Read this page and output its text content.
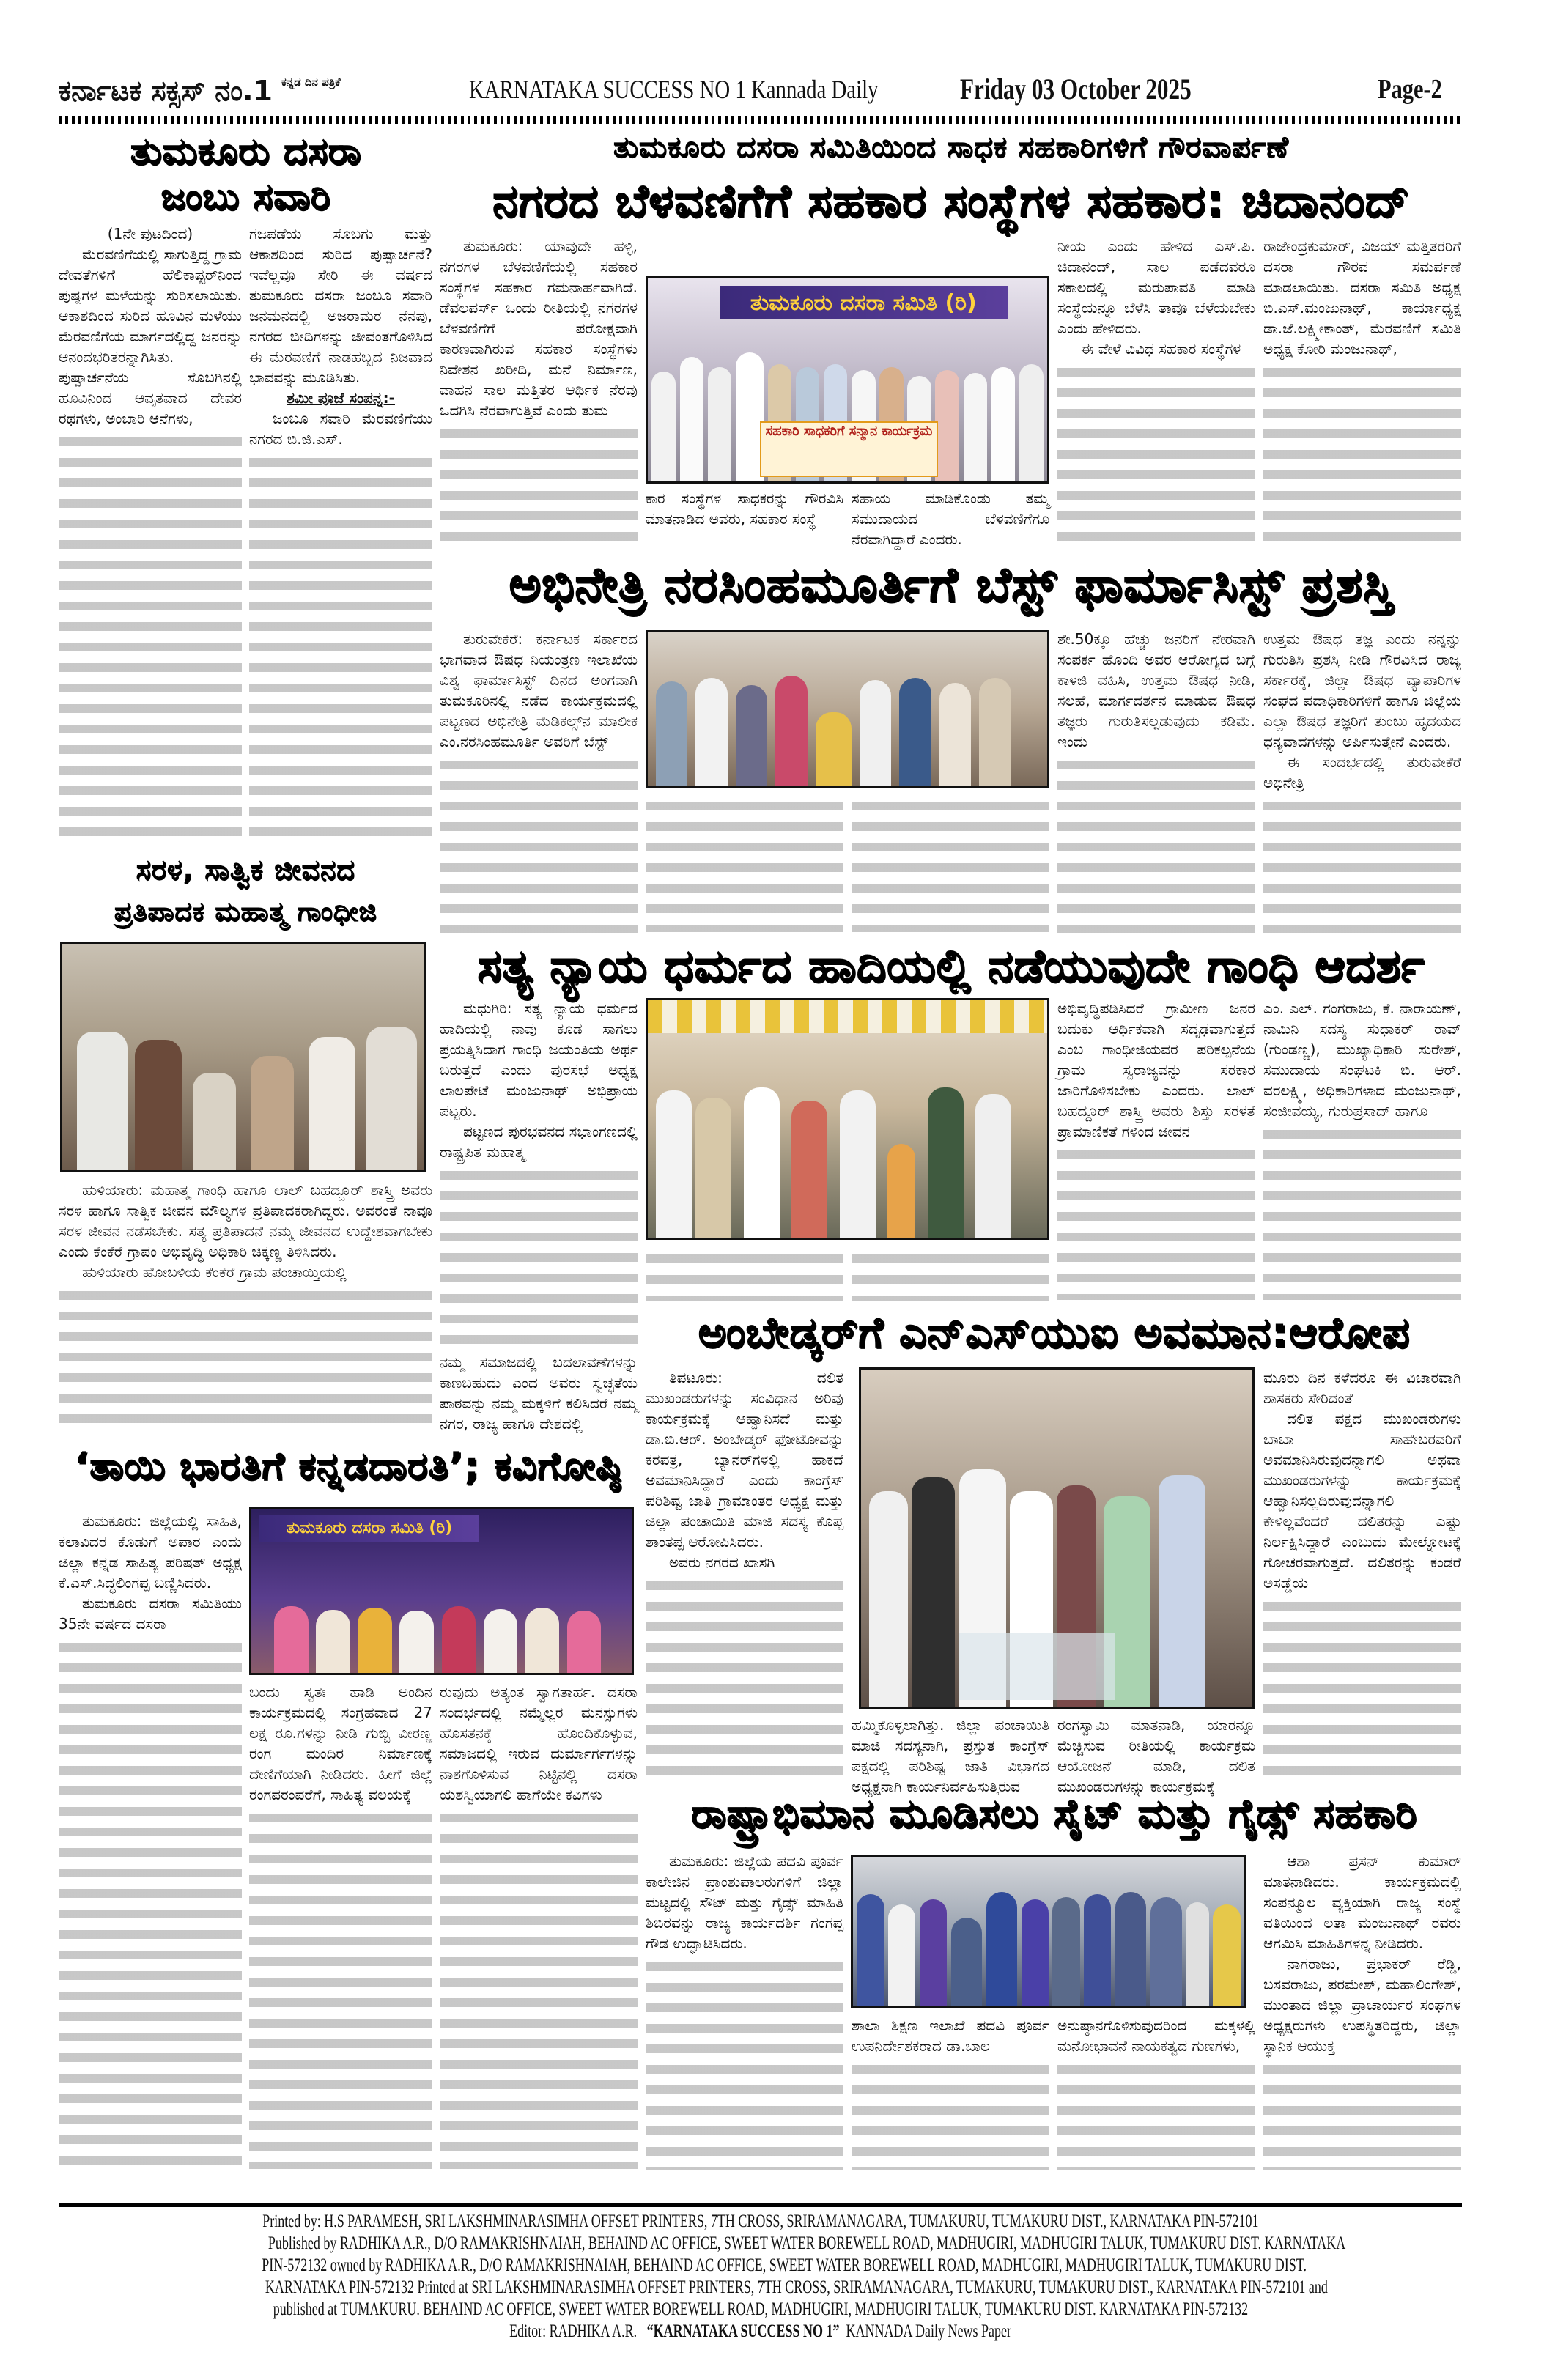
ಕರ್ನಾಟಕ ಸಕ್ಸಸ್ ನಂ.1 ಕನ್ನಡ ದಿನ ಪತ್ರಿಕೆ	KARNATAKA SUCCESS NO 1 Kannada Daily	Friday 03 October 2025	Page-2
ತುಮಕೂರು ದಸರಾ
ಜಂಬು ಸವಾರಿ

(1ನೇ ಪುಟದಿಂದ)

ಮೆರವಣಿಗೆಯಲ್ಲಿ ಸಾಗುತ್ತಿದ್ದ ಗ್ರಾಮ ದೇವತೆಗಳಿಗೆ ಹೆಲಿಕಾಪ್ಟರ್‌ನಿಂದ ಪುಷ್ಪಗಳ ಮಳೆಯನ್ನು ಸುರಿಸಲಾಯಿತು. ಆಕಾಶದಿಂದ ಸುರಿದ ಹೂವಿನ ಮಳೆಯು ಮೆರವಣಿಗೆಯ ಮಾರ್ಗದಲ್ಲಿದ್ದ ಜನರನ್ನು ಆನಂದಭರಿತರನ್ನಾಗಿಸಿತು. ಪುಷ್ಪಾರ್ಚನೆಯ ಸೊಬಗಿನಲ್ಲಿ ಹೂವಿನಿಂದ ಆವೃತವಾದ ದೇವರ ರಥಗಳು, ಅಂಬಾರಿ ಆನೆಗಳು,

ಗಜಪಡೆಯ ಸೊಬಗು ಮತ್ತು ಆಕಾಶದಿಂದ ಸುರಿದ ಪುಷ್ಪಾರ್ಚನೆ? ಇವೆಲ್ಲವೂ ಸೇರಿ ಈ ವರ್ಷದ ತುಮಕೂರು ದಸರಾ ಜಂಬೂ ಸವಾರಿ ಜನಮನದಲ್ಲಿ ಅಜರಾಮರ ನೆನಪು, ನಗರದ ಬೀದಿಗಳನ್ನು ಜೀವಂತಗೊಳಿಸಿದ ಈ ಮೆರವಣಿಗೆ ನಾಡಹಬ್ಬದ ನಿಜವಾದ ಭಾವವನ್ನು ಮೂಡಿಸಿತು.

ಶಮೀ ಪೂಜೆ ಸಂಪನ್ನ:-

ಜಂಬೂ ಸವಾರಿ ಮೆರವಣಿಗೆಯು ನಗರದ ಬಿ.ಜಿ.ಎಸ್.

ಸರಳ, ಸಾತ್ವಿಕ ಜೀವನದ
ಪ್ರತಿಪಾದಕ ಮಹಾತ್ಮ ಗಾಂಧೀಜಿ

ಹುಳಿಯಾರು: ಮಹಾತ್ಮ ಗಾಂಧಿ ಹಾಗೂ ಲಾಲ್ ಬಹದ್ದೂರ್ ಶಾಸ್ತ್ರಿ ಅವರು ಸರಳ ಹಾಗೂ ಸಾತ್ವಿಕ ಜೀವನ ಮೌಲ್ಯಗಳ ಪ್ರತಿಪಾದಕರಾಗಿದ್ದರು. ಅವರಂತೆ ನಾವೂ ಸರಳ ಜೀವನ ನಡೆಸಬೇಕು. ಸತ್ಯ ಪ್ರತಿಪಾದನೆ ನಮ್ಮ ಜೀವನದ ಉದ್ದೇಶವಾಗಬೇಕು ಎಂದು ಕೆಂಕೆರೆ ಗ್ರಾಪಂ ಅಭಿವೃದ್ಧಿ ಅಧಿಕಾರಿ ಚಿಕ್ಕಣ್ಣ ತಿಳಿಸಿದರು.

ಹುಳಿಯಾರು ಹೋಬಳಿಯ ಕೆಂಕೆರೆ ಗ್ರಾಮ ಪಂಚಾಯ್ತಿಯಲ್ಲಿ

‘ತಾಯಿ ಭಾರತಿಗೆ ಕನ್ನಡದಾರತಿ’; ಕವಿಗೋಷ್ಠಿ

ತುಮಕೂರು: ಜಿಲ್ಲೆಯಲ್ಲಿ ಸಾಹಿತಿ, ಕಲಾವಿದರ ಕೊಡುಗೆ ಅಪಾರ ಎಂದು ಜಿಲ್ಲಾ ಕನ್ನಡ ಸಾಹಿತ್ಯ ಪರಿಷತ್ ಅಧ್ಯಕ್ಷ ಕೆ.ಎಸ್.ಸಿದ್ಧಲಿಂಗಪ್ಪ ಬಣ್ಣಿಸಿದರು.

ತುಮಕೂರು ದಸರಾ ಸಮಿತಿಯು 35ನೇ ವರ್ಷದ ದಸರಾ

ತುಮಕೂರು ದಸರಾ ಸಮಿತಿ (ರಿ)

ಬಂದು ಸ್ವತಃ ಹಾಡಿ ಅಂದಿನ ಕಾರ್ಯಕ್ರಮದಲ್ಲಿ ಸಂಗ್ರಹವಾದ 27 ಲಕ್ಷ ರೂ.ಗಳನ್ನು ನೀಡಿ ಗುಬ್ಬಿ ವೀರಣ್ಣ ರಂಗ ಮಂದಿರ ನಿರ್ಮಾಣಕ್ಕೆ ದೇಣಿಗೆಯಾಗಿ ನೀಡಿದರು. ಹೀಗೆ ಜಿಲ್ಲೆ ರಂಗಪರಂಪರೆಗೆ, ಸಾಹಿತ್ಯ ವಲಯಕ್ಕೆ

ರುವುದು ಅತ್ಯಂತ ಸ್ವಾಗತಾರ್ಹ. ದಸರಾ ಸಂದರ್ಭದಲ್ಲಿ ನಮ್ಮೆಲ್ಲರ ಮನಸ್ಸುಗಳು ಹೊಸತನಕ್ಕೆ ಹೊಂದಿಕೊಳ್ಳುವ, ಸಮಾಜದಲ್ಲಿ ಇರುವ ದುರ್ಮಾರ್ಗಗಳನ್ನು ನಾಶಗೊಳಿಸುವ ನಿಟ್ಟಿನಲ್ಲಿ ದಸರಾ ಯಶಸ್ವಿಯಾಗಲಿ ಹಾಗೆಯೇ ಕವಿಗಳು

ತುಮಕೂರು ದಸರಾ ಸಮಿತಿಯಿಂದ ಸಾಧಕ ಸಹಕಾರಿಗಳಿಗೆ ಗೌರವಾರ್ಪಣೆ
ನಗರದ ಬೆಳವಣಿಗೆಗೆ ಸಹಕಾರ ಸಂಸ್ಥೆಗಳ ಸಹಕಾರ: ಚಿದಾನಂದ್

ತುಮಕೂರು: ಯಾವುದೇ ಹಳ್ಳಿ, ನಗರಗಳ ಬೆಳವಣಿಗೆಯಲ್ಲಿ ಸಹಕಾರ ಸಂಸ್ಥೆಗಳ ಸಹಕಾರ ಗಮನಾರ್ಹವಾಗಿದೆ. ಡೆವಲಪರ್ಸ್ ಒಂದು ರೀತಿಯಲ್ಲಿ ನಗರಗಳ ಬೆಳವಣಿಗೆಗೆ ಪರೋಕ್ಷವಾಗಿ ಕಾರಣವಾಗಿರುವ ಸಹಕಾರ ಸಂಸ್ಥೆಗಳು ನಿವೇಶನ ಖರೀದಿ, ಮನೆ ನಿರ್ಮಾಣ, ವಾಹನ ಸಾಲ ಮತ್ತಿತರ ಆರ್ಥಿಕ ನೆರವು ಒದಗಿಸಿ ನೆರವಾಗುತ್ತಿವೆ ಎಂದು ತುಮ

ತುಮಕೂರು ದಸರಾ ಸಮಿತಿ (ರಿ)
ಸಹಕಾರಿ ಸಾಧಕರಿಗೆ ಸನ್ಮಾನ ಕಾರ್ಯಕ್ರಮ

ಕಾರ ಸಂಸ್ಥೆಗಳ ಸಾಧಕರನ್ನು ಗೌರವಿಸಿ ಮಾತನಾಡಿದ ಅವರು, ಸಹಕಾರ ಸಂಸ್ಥೆ

ಸಹಾಯ ಮಾಡಿಕೊಂಡು ತಮ್ಮ ಸಮುದಾಯದ ಬೆಳವಣಿಗೆಗೂ ನೆರವಾಗಿದ್ದಾರೆ ಎಂದರು.

ನೀಯ ಎಂದು ಹೇಳಿದ ಎಸ್.ಪಿ. ಚಿದಾನಂದ್, ಸಾಲ ಪಡೆದವರೂ ಸಕಾಲದಲ್ಲಿ ಮರುಪಾವತಿ ಮಾಡಿ ಸಂಸ್ಥೆಯನ್ನೂ ಬೆಳೆಸಿ ತಾವೂ ಬೆಳೆಯಬೇಕು ಎಂದು ಹೇಳಿದರು.

ಈ ವೇಳೆ ವಿವಿಧ ಸಹಕಾರ ಸಂಸ್ಥೆಗಳ

ರಾಜೇಂದ್ರಕುಮಾರ್, ವಿಜಯ್ ಮತ್ತಿತರರಿಗೆ ದಸರಾ ಗೌರವ ಸಮರ್ಪಣೆ ಮಾಡಲಾಯಿತು. ದಸರಾ ಸಮಿತಿ ಅಧ್ಯಕ್ಷ ಬಿ.ಎಸ್.ಮಂಜುನಾಥ್, ಕಾರ್ಯಾಧ್ಯಕ್ಷ ಡಾ.ಜೆ.ಲಕ್ಷ್ಮೀಕಾಂತ್, ಮೆರವಣಿಗೆ ಸಮಿತಿ ಅಧ್ಯಕ್ಷ ಕೋರಿ ಮಂಜುನಾಥ್,

ಅಭಿನೇತ್ರಿ ನರಸಿಂಹಮೂರ್ತಿಗೆ ಬೆಸ್ಟ್ ಫಾರ್ಮಾಸಿಸ್ಟ್ ಪ್ರಶಸ್ತಿ

ತುರುವೇಕೆರೆ: ಕರ್ನಾಟಕ ಸರ್ಕಾರದ ಭಾಗವಾದ ಔಷಧ ನಿಯಂತ್ರಣ ಇಲಾಖೆಯ ವಿಶ್ವ ಫಾರ್ಮಾಸಿಸ್ಟ್ ದಿನದ ಅಂಗವಾಗಿ ತುಮಕೂರಿನಲ್ಲಿ ನಡೆದ ಕಾರ್ಯಕ್ರಮದಲ್ಲಿ ಪಟ್ಟಣದ ಅಭಿನೇತ್ರಿ ಮೆಡಿಕಲ್ಸ್‌ನ ಮಾಲೀಕ ಎಂ.ನರಸಿಂಹಮೂರ್ತಿ ಅವರಿಗೆ ಬೆಸ್ಟ್

ಶೇ.50ಕ್ಕೂ ಹೆಚ್ಚು ಜನರಿಗೆ ನೇರವಾಗಿ ಸಂಪರ್ಕ ಹೊಂದಿ ಅವರ ಆರೋಗ್ಯದ ಬಗ್ಗೆ ಕಾಳಜಿ ವಹಿಸಿ, ಉತ್ತಮ ಔಷಧ ನೀಡಿ, ಸಲಹೆ, ಮಾರ್ಗದರ್ಶನ ಮಾಡುವ ಔಷಧ ತಜ್ಞರು ಗುರುತಿಸಲ್ಪಡುವುದು ಕಡಿಮೆ. ಇಂದು

ಉತ್ತಮ ಔಷಧ ತಜ್ಞ ಎಂದು ನನ್ನನ್ನು ಗುರುತಿಸಿ ಪ್ರಶಸ್ತಿ ನೀಡಿ ಗೌರವಿಸಿದ ರಾಜ್ಯ ಸರ್ಕಾರಕ್ಕೆ, ಜಿಲ್ಲಾ ಔಷಧ ವ್ಯಾಪಾರಿಗಳ ಸಂಘದ ಪದಾಧಿಕಾರಿಗಳಿಗೆ ಹಾಗೂ ಜಿಲ್ಲೆಯ ಎಲ್ಲಾ ಔಷಧ ತಜ್ಞರಿಗೆ ತುಂಬು ಹೃದಯದ ಧನ್ಯವಾದಗಳನ್ನು ಅರ್ಪಿಸುತ್ತೇನೆ ಎಂದರು.

ಈ ಸಂದರ್ಭದಲ್ಲಿ ತುರುವೇಕೆರೆ ಅಭಿನೇತ್ರಿ

ಸತ್ಯ ನ್ಯಾಯ ಧರ್ಮದ ಹಾದಿಯಲ್ಲಿ ನಡೆಯುವುದೇ ಗಾಂಧಿ ಆದರ್ಶ

ಮಧುಗಿರಿ: ಸತ್ಯ ನ್ಯಾಯ ಧರ್ಮದ ಹಾದಿಯಲ್ಲಿ ನಾವು ಕೂಡ ಸಾಗಲು ಪ್ರಯತ್ನಿಸಿದಾಗ ಗಾಂಧಿ ಜಯಂತಿಯ ಅರ್ಥ ಬರುತ್ತದೆ ಎಂದು ಪುರಸಭೆ ಅಧ್ಯಕ್ಷ ಲಾಲಪೇಟೆ ಮಂಜುನಾಥ್ ಅಭಿಪ್ರಾಯ ಪಟ್ಟರು.

ಪಟ್ಟಣದ ಪುರಭವನದ ಸಭಾಂಗಣದಲ್ಲಿ ರಾಷ್ಟ್ರಪಿತ ಮಹಾತ್ಮ

ನಮ್ಮ ಸಮಾಜದಲ್ಲಿ ಬದಲಾವಣೆಗಳನ್ನು ಕಾಣಬಹುದು ಎಂದ ಅವರು ಸ್ವಚ್ಛತೆಯ ಪಾಠವನ್ನು ನಮ್ಮ ಮಕ್ಕಳಿಗೆ ಕಲಿಸಿದರೆ ನಮ್ಮ ನಗರ, ರಾಜ್ಯ ಹಾಗೂ ದೇಶದಲ್ಲಿ

ಅಭಿವೃದ್ಧಿಪಡಿಸಿದರೆ ಗ್ರಾಮೀಣ ಜನರ ಬದುಕು ಆರ್ಥಿಕವಾಗಿ ಸದೃಢವಾಗುತ್ತದೆ ಎಂಬ ಗಾಂಧೀಜಿಯವರ ಪರಿಕಲ್ಪನೆಯ ಗ್ರಾಮ ಸ್ವರಾಜ್ಯವನ್ನು ಸರಕಾರ ಜಾರಿಗೊಳಿಸಬೇಕು ಎಂದರು. ಲಾಲ್ ಬಹದ್ದೂರ್ ಶಾಸ್ತ್ರಿ ಅವರು ಶಿಸ್ತು ಸರಳತೆ ಪ್ರಾಮಾಣಿಕತೆ ಗಳಿಂದ ಜೀವನ

ಎಂ. ಎಲ್. ಗಂಗರಾಜು, ಕೆ. ನಾರಾಯಣ್, ನಾಮಿನಿ ಸದಸ್ಯ ಸುಧಾಕರ್ ರಾವ್ (ಗುಂಡಣ್ಣ), ಮುಖ್ಯಾಧಿಕಾರಿ ಸುರೇಶ್, ಸಮುದಾಯ ಸಂಘಟಕಿ ಬಿ. ಆರ್. ವರಲಕ್ಷ್ಮಿ, ಅಧಿಕಾರಿಗಳಾದ ಮಂಜುನಾಥ್, ಸಂಜೀವಯ್ಯ, ಗುರುಪ್ರಸಾದ್ ಹಾಗೂ

ಅಂಬೇಡ್ಕರ್‌ಗೆ ಎನ್‌ಎಸ್‌ಯುಐ ಅವಮಾನ:ಆರೋಪ

ತಿಪಟೂರು: ದಲಿತ ಮುಖಂಡರುಗಳನ್ನು ಸಂವಿಧಾನ ಅರಿವು ಕಾರ್ಯಕ್ರಮಕ್ಕೆ ಆಹ್ವಾನಿಸದೆ ಮತ್ತು ಡಾ.ಬಿ.ಆರ್. ಅಂಬೇಡ್ಕರ್ ಫೋಟೋವನ್ನು ಕರಪತ್ರ, ಬ್ಯಾನರ್‌ಗಳಲ್ಲಿ ಹಾಕದೆ ಅವಮಾನಿಸಿದ್ದಾರೆ ಎಂದು ಕಾಂಗ್ರೆಸ್ ಪರಿಶಿಷ್ಟ ಜಾತಿ ಗ್ರಾಮಾಂತರ ಅಧ್ಯಕ್ಷ ಮತ್ತು ಜಿಲ್ಲಾ ಪಂಚಾಯಿತಿ ಮಾಜಿ ಸದಸ್ಯ ಕೊಪ್ಪ ಶಾಂತಪ್ಪ ಆರೋಪಿಸಿದರು.

ಅವರು ನಗರದ ಖಾಸಗಿ

ಹಮ್ಮಿಕೊಳ್ಳಲಾಗಿತ್ತು. ಜಿಲ್ಲಾ ಪಂಚಾಯಿತಿ ಮಾಜಿ ಸದಸ್ಯನಾಗಿ, ಪ್ರಸ್ತುತ ಕಾಂಗ್ರೆಸ್ ಪಕ್ಷದಲ್ಲಿ ಪರಿಶಿಷ್ಟ ಜಾತಿ ವಿಭಾಗದ ಅಧ್ಯಕ್ಷನಾಗಿ ಕಾರ್ಯನಿರ್ವಹಿಸುತ್ತಿರುವ

ರಂಗಸ್ವಾಮಿ ಮಾತನಾಡಿ, ಯಾರನ್ನೂ ಮೆಚ್ಚಿಸುವ ರೀತಿಯಲ್ಲಿ ಕಾರ್ಯಕ್ರಮ ಆಯೋಜನೆ ಮಾಡಿ, ದಲಿತ ಮುಖಂಡರುಗಳನ್ನು ಕಾರ್ಯಕ್ರಮಕ್ಕೆ

ಮೂರು ದಿನ ಕಳೆದರೂ ಈ ವಿಚಾರವಾಗಿ ಶಾಸಕರು ಸೇರಿದಂತೆ

ದಲಿತ ಪಕ್ಷದ ಮುಖಂಡರುಗಳು ಬಾಬಾ ಸಾಹೇಬರವರಿಗೆ ಅವಮಾನಿಸಿರುವುದನ್ನಾಗಲಿ ಅಥವಾ ಮುಖಂಡರುಗಳನ್ನು ಕಾರ್ಯಕ್ರಮಕ್ಕೆ ಆಹ್ವಾನಿಸಲ್ಲದಿರುವುದನ್ನಾಗಲಿ ಕೇಳಿಲ್ಲವೆಂದರೆ ದಲಿತರನ್ನು ಎಷ್ಟು ನಿರ್ಲಕ್ಷಿಸಿದ್ದಾರೆ ಎಂಬುದು ಮೇಲ್ನೋಟಕ್ಕೆ ಗೋಚರವಾಗುತ್ತದೆ. ದಲಿತರನ್ನು ಕಂಡರೆ ಅಸಡ್ಡೆಯ

ರಾಷ್ಟ್ರಾಭಿಮಾನ ಮೂಡಿಸಲು ಸೈಟ್ ಮತ್ತು ಗೈಡ್ಸ್ ಸಹಕಾರಿ

ತುಮಕೂರು: ಜಿಲ್ಲೆಯ ಪದವಿ ಪೂರ್ವ ಕಾಲೇಜಿನ ಪ್ರಾಂಶುಪಾಲರುಗಳಿಗೆ ಜಿಲ್ಲಾ ಮಟ್ಟದಲ್ಲಿ ಸೌಟ್ ಮತ್ತು ಗೈಡ್ಸ್ ಮಾಹಿತಿ ಶಿಬಿರವನ್ನು ರಾಜ್ಯ ಕಾರ್ಯದರ್ಶಿ ಗಂಗಪ್ಪ ಗೌಡ ಉದ್ಘಾಟಿಸಿದರು.

ಶಾಲಾ ಶಿಕ್ಷಣ ಇಲಾಖೆ ಪದವಿ ಪೂರ್ವ ಉಪನಿರ್ದೇಶಕರಾದ ಡಾ.ಬಾಲ

ಅನುಷ್ಠಾನಗೊಳಿಸುವುದರಿಂದ ಮಕ್ಕಳಲ್ಲಿ ಮನೋಭಾವನೆ ನಾಯಕತ್ವದ ಗುಣಗಳು,

ಆಶಾ ಪ್ರಸನ್ ಕುಮಾರ್ ಮಾತನಾಡಿದರು. ಕಾರ್ಯಕ್ರಮದಲ್ಲಿ ಸಂಪನ್ಮೂಲ ವ್ಯಕ್ತಿಯಾಗಿ ರಾಜ್ಯ ಸಂಸ್ಥೆ ವತಿಯಿಂದ ಲತಾ ಮಂಜುನಾಥ್ ರವರು ಆಗಮಿಸಿ ಮಾಹಿತಿಗಳನ್ನ ನೀಡಿದರು.

ನಾಗರಾಜು, ಪ್ರಭಾಕರ್ ರೆಡ್ಡಿ, ಬಸವರಾಜು, ಪರಮೇಶ್, ಮಹಾಲಿಂಗೇಶ್, ಮುಂತಾದ ಜಿಲ್ಲಾ ಪ್ರಾಚಾರ್ಯರ ಸಂಘಗಳ ಅಧ್ಯಕ್ಷರುಗಳು ಉಪಸ್ಥಿತರಿದ್ದರು, ಜಿಲ್ಲಾ ಸ್ಥಾನಿಕ ಆಯುಕ್ತ

Printed by: H.S PARAMESH, SRI LAKSHMINARASIMHA OFFSET PRINTERS, 7TH CROSS, SRIRAMANAGARA, TUMAKURU, TUMAKURU DIST., KARNATAKA PIN-572101
Published by RADHIKA A.R., D/O RAMAKRISHNAIAH, BEHAIND AC OFFICE, SWEET WATER BOREWELL ROAD, MADHUGIRI, MADHUGIRI TALUK, TUMAKURU DIST. KARNATAKA
PIN-572132 owned by RADHIKA A.R., D/O RAMAKRISHNAIAH, BEHAIND AC OFFICE, SWEET WATER BOREWELL ROAD, MADHUGIRI, MADHUGIRI TALUK, TUMAKURU DIST.
KARNATAKA PIN-572132 Printed at SRI LAKSHMINARASIMHA OFFSET PRINTERS, 7TH CROSS, SRIRAMANAGARA, TUMAKURU, TUMAKURU DIST., KARNATAKA PIN-572101 and
published at TUMAKURU. BEHAIND AC OFFICE, SWEET WATER BOREWELL ROAD, MADHUGIRI, MADHUGIRI TALUK, TUMAKURU DIST. KARNATAKA PIN-572132
Editor: RADHIKA A.R. “KARNATAKA SUCCESS NO 1” KANNADA Daily News Paper
